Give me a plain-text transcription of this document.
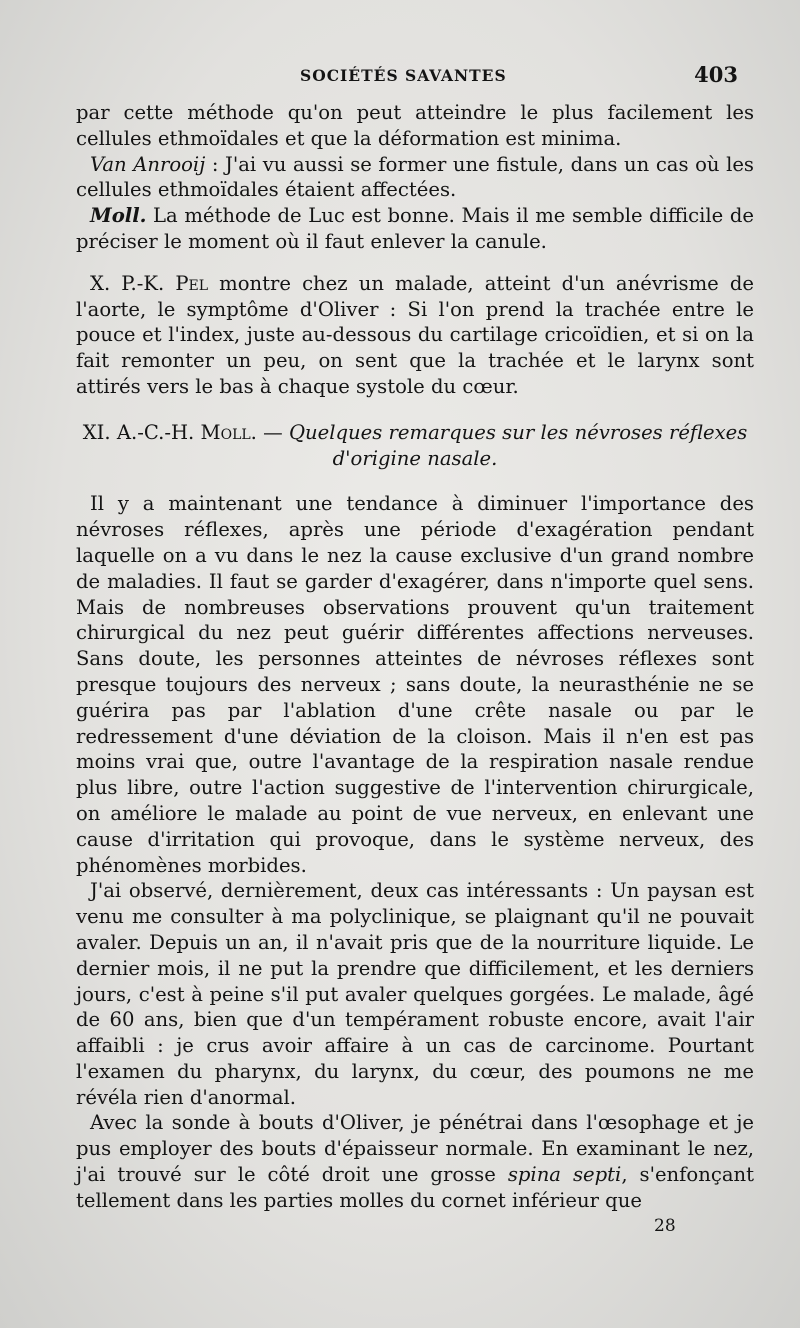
SOCIÉTÉS SAVANTES	403

par cette méthode qu'on peut atteindre le plus facilement les cellules ethmoïdales et que la déformation est minima.

Van Anrooij : J'ai vu aussi se former une fistule, dans un cas où les cellules ethmoïdales étaient affectées.

Moll. La méthode de Luc est bonne. Mais il me semble difficile de préciser le moment où il faut enlever la canule.

X. P.-K. Pel montre chez un malade, atteint d'un anévrisme de l'aorte, le symptôme d'Oliver : Si l'on prend la trachée entre le pouce et l'index, juste au-dessous du cartilage cricoïdien, et si on la fait remonter un peu, on sent que la trachée et le larynx sont attirés vers le bas à chaque systole du cœur.

XI. A.-C.-H. Moll. — Quelques remarques sur les névroses réflexes d'origine nasale.

Il y a maintenant une tendance à diminuer l'importance des névroses réflexes, après une période d'exagération pendant laquelle on a vu dans le nez la cause exclusive d'un grand nombre de maladies. Il faut se garder d'exagérer, dans n'importe quel sens. Mais de nombreuses observations prouvent qu'un traitement chirurgical du nez peut guérir différentes affections nerveuses. Sans doute, les personnes atteintes de névroses réflexes sont presque toujours des nerveux ; sans doute, la neurasthénie ne se guérira pas par l'ablation d'une crête nasale ou par le redressement d'une déviation de la cloison. Mais il n'en est pas moins vrai que, outre l'avantage de la respiration nasale rendue plus libre, outre l'action suggestive de l'intervention chirurgicale, on améliore le malade au point de vue nerveux, en enlevant une cause d'irritation qui provoque, dans le système nerveux, des phénomènes morbides.

J'ai observé, dernièrement, deux cas intéressants : Un paysan est venu me consulter à ma polyclinique, se plaignant qu'il ne pouvait avaler. Depuis un an, il n'avait pris que de la nourriture liquide. Le dernier mois, il ne put la prendre que difficilement, et les derniers jours, c'est à peine s'il put avaler quelques gorgées. Le malade, âgé de 60 ans, bien que d'un tempérament robuste encore, avait l'air affaibli : je crus avoir affaire à un cas de carcinome. Pourtant l'examen du pharynx, du larynx, du cœur, des poumons ne me révéla rien d'anormal.

Avec la sonde à bouts d'Oliver, je pénétrai dans l'œsophage et je pus employer des bouts d'épaisseur normale. En examinant le nez, j'ai trouvé sur le côté droit une grosse spina septi, s'enfonçant tellement dans les parties molles du cornet inférieur que

28
